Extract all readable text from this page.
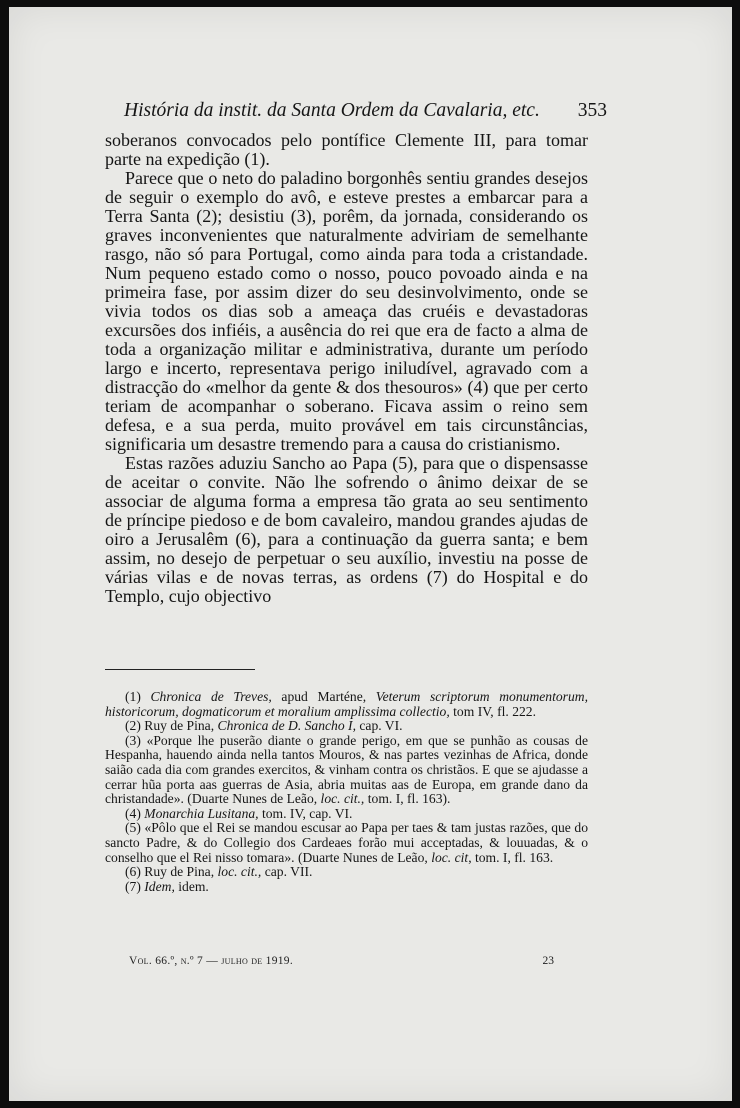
História da instit. da Santa Ordem da Cavalaria, etc. 353

soberanos convocados pelo pontífice Clemente III, para tomar parte na expedição (1).

Parece que o neto do paladino borgonhês sentiu grandes desejos de seguir o exemplo do avô, e esteve prestes a embarcar para a Terra Santa (2); desistiu (3), porêm, da jornada, considerando os graves inconvenientes que naturalmente adviriam de semelhante rasgo, não só para Portugal, como ainda para toda a cristandade. Num pequeno estado como o nosso, pouco povoado ainda e na primeira fase, por assim dizer do seu desinvolvimento, onde se vivia todos os dias sob a ameaça das cruéis e devastadoras excursões dos infiéis, a ausência do rei que era de facto a alma de toda a organização militar e administrativa, durante um período largo e incerto, representava perigo iniludível, agravado com a distracção do «melhor da gente & dos thesouros» (4) que per certo teriam de acompanhar o soberano. Ficava assim o reino sem defesa, e a sua perda, muito provável em tais circunstâncias, significaria um desastre tremendo para a causa do cristianismo.

Estas razões aduziu Sancho ao Papa (5), para que o dispensasse de aceitar o convite. Não lhe sofrendo o ânimo deixar de se associar de alguma forma a empresa tão grata ao seu sentimento de príncipe piedoso e de bom cavaleiro, mandou grandes ajudas de oiro a Jerusalêm (6), para a continuação da guerra santa; e bem assim, no desejo de perpetuar o seu auxílio, investiu na posse de várias vilas e de novas terras, as ordens (7) do Hospital e do Templo, cujo objectivo

(1) Chronica de Treves, apud Marténe, Veterum scriptorum monumentorum, historicorum, dogmaticorum et moralium amplissima collectio, tom IV, fl. 222.

(2) Ruy de Pina, Chronica de D. Sancho I, cap. VI.

(3) «Porque lhe puserão diante o grande perigo, em que se punhão as cousas de Hespanha, hauendo ainda nella tantos Mouros, & nas partes vezinhas de Africa, donde saião cada dia com grandes exercitos, & vinham contra os christãos. E que se ajudasse a cerrar hũa porta aas guerras de Asia, abria muitas aas de Europa, em grande dano da christandade». (Duarte Nunes de Leão, loc. cit., tom. I, fl. 163).

(4) Monarchia Lusitana, tom. IV, cap. VI.

(5) «Pôlo que el Rei se mandou escusar ao Papa per taes & tam justas razões, que do sancto Padre, & do Collegio dos Cardeaes forão mui acceptadas, & louuadas, & o conselho que el Rei nisso tomara». (Duarte Nunes de Leão, loc. cit, tom. I, fl. 163.

(6) Ruy de Pina, loc. cit., cap. VII.

(7) Idem, idem.

Vol. 66.º, n.º 7 — julho de 1919.	23
